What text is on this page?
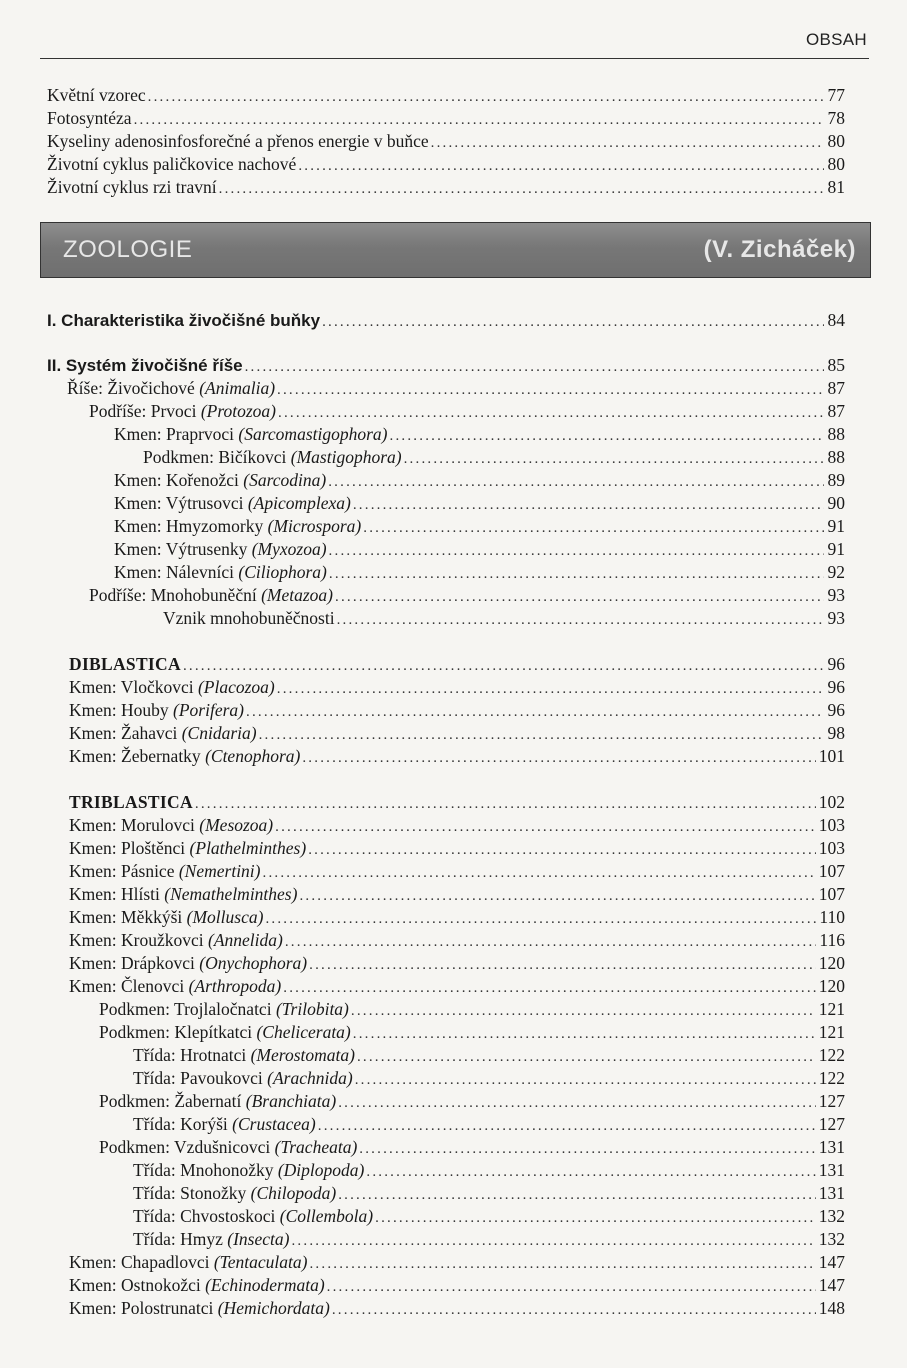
OBSAH
ZOOLOGIE	(V. Zicháček)
Květní vzorec .....	77
Fotosyntéza .....	78
Kyseliny adenosinfosforečné a přenos energie v buňce .....	80
Životní cyklus paličkovice nachové .....	80
Životní cyklus rzi travní .....	81
I. Charakteristika živočišné buňky .....	84
II. Systém živočišné říše .....	85
Říše: Živočichové (Animalia) .....	87
Podříše: Prvoci (Protozoa) .....	87
Kmen: Praprvoci (Sarcomastigophora) .....	88
Podkmen: Bičíkovci (Mastigophora) .....	88
Kmen: Kořenožci (Sarcodina) .....	89
Kmen: Výtrusovci (Apicomplexa) .....	90
Kmen: Hmyzomorky (Microspora) .....	91
Kmen: Výtrusenky (Myxozoa) .....	91
Kmen: Nálevníci (Ciliophora) .....	92
Podříše: Mnohobuněční (Metazoa) .....	93
Vznik mnohobuněčnosti .....	93
DIBLASTICA .....	96
Kmen: Vločkovci (Placozoa) .....	96
Kmen: Houby (Porifera) .....	96
Kmen: Žahavci (Cnidaria) .....	98
Kmen: Žebernatky (Ctenophora) .....	101
TRIBLASTICA .....	102
Kmen: Morulovci (Mesozoa) .....	103
Kmen: Ploštěnci (Plathelminthes) .....	103
Kmen: Pásnice (Nemertini) .....	107
Kmen: Hlísti (Nemathelminthes) .....	107
Kmen: Měkkýši (Mollusca) .....	110
Kmen: Kroužkovci (Annelida) .....	116
Kmen: Drápkovci (Onychophora) .....	120
Kmen: Členovci (Arthropoda) .....	120
Podkmen: Trojlaločnatci (Trilobita) .....	121
Podkmen: Klepítkatci (Chelicerata) .....	121
Třída: Hrotnatci (Merostomata) .....	122
Třída: Pavoukovci (Arachnida) .....	122
Podkmen: Žabernatí (Branchiata) .....	127
Třída: Korýši (Crustacea) .....	127
Podkmen: Vzdušnicovci (Tracheata) .....	131
Třída: Mnohonožky (Diplopoda) .....	131
Třída: Stonožky (Chilopoda) .....	131
Třída: Chvostoskoci (Collembola) .....	132
Třída: Hmyz (Insecta) .....	132
Kmen: Chapadlovci (Tentaculata) .....	147
Kmen: Ostnokožci (Echinodermata) .....	147
Kmen: Polostrunatci (Hemichordata) .....	148
